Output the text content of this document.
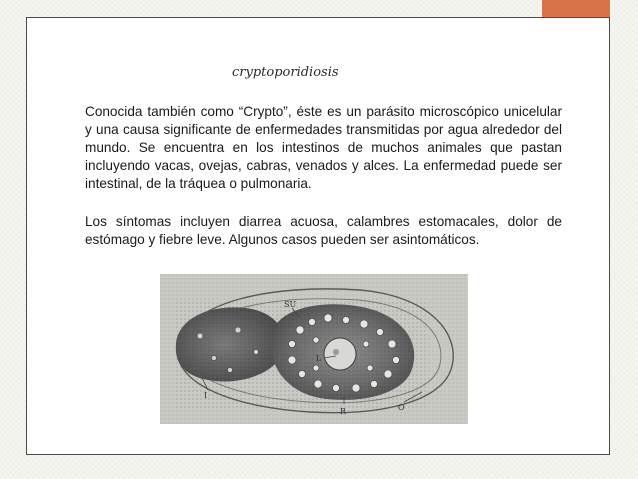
cryptoporidiosis

Conocida también como “Crypto”, éste es un parásito microscópico unicelular y una causa significante de enfermedades transmitidas por agua alrededor del mundo. Se encuentra en los intestinos de muchos animales que pastan incluyendo vacas, ovejas, cabras, venados y alces. La enfermedad puede ser intestinal, de la tráquea o pulmonaria.

Los síntomas incluyen diarrea acuosa, calambres estomacales, dolor de estómago y fiebre leve. Algunos casos pueden ser asintomáticos.

SU
L
R	O
I
